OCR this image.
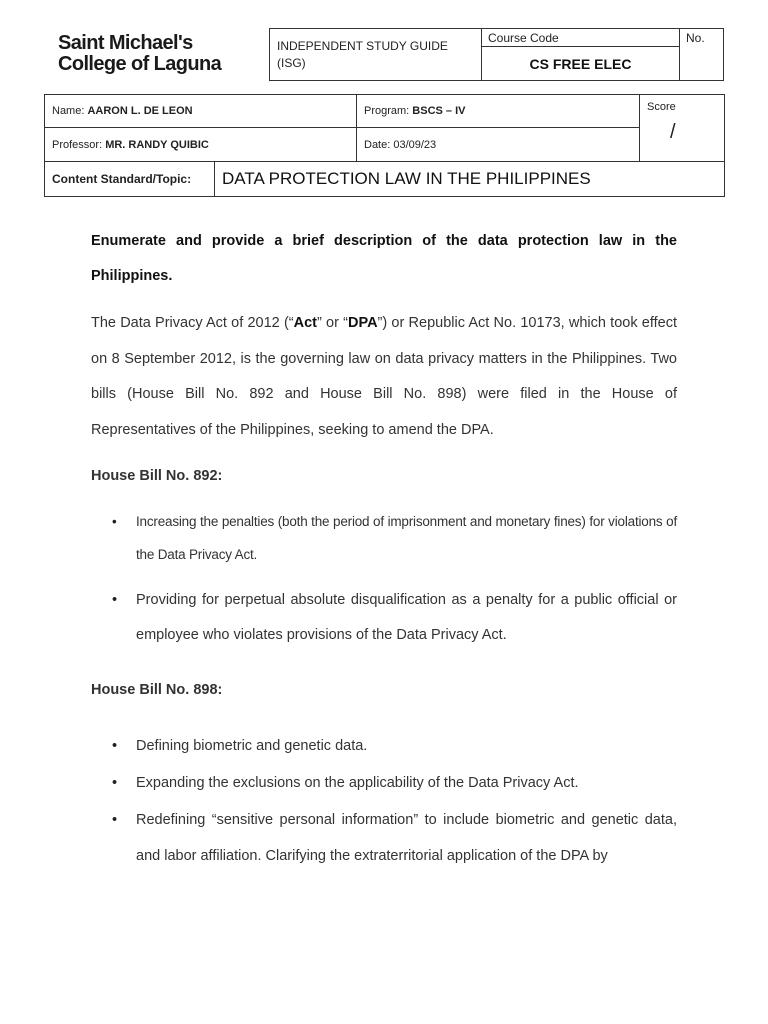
Saint Michael's
College of Laguna
INDEPENDENT STUDY GUIDE (ISG)
Course Code
CS FREE ELEC
No.
Name: AARON L. DE LEON		Program: BSCS – IV	Score
/

Professor: MR. RANDY QUIBIC		Date: 03/09/23	
Content Standard/Topic:	DATA PROTECTION LAW IN THE PHILIPPINES		
Enumerate and provide a brief description of the data protection law in the Philippines.
The Data Privacy Act of 2012 (“Act” or “DPA”) or Republic Act No. 10173, which took effect on 8 September 2012, is the governing law on data privacy matters in the Philippines. Two bills (House Bill No. 892 and House Bill No. 898) were filed in the House of Representatives of the Philippines, seeking to amend the DPA.
House Bill No. 892:
• Increasing the penalties (both the period of imprisonment and monetary fines) for violations of the Data Privacy Act.
• Providing for perpetual absolute disqualification as a penalty for a public official or employee who violates provisions of the Data Privacy Act.
House Bill No. 898:
• Defining biometric and genetic data.
• Expanding the exclusions on the applicability of the Data Privacy Act.
• Redefining “sensitive personal information” to include biometric and genetic data, and labor affiliation. Clarifying the extraterritorial application of the DPA by
